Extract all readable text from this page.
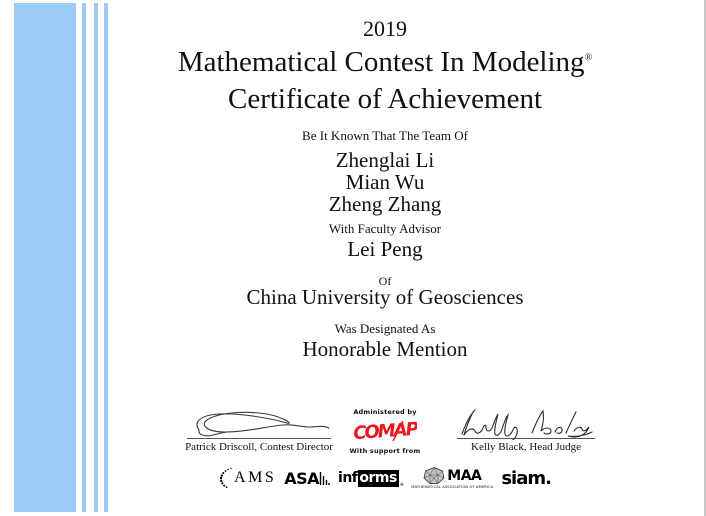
2019
Mathematical Contest In Modeling®
Certificate of Achievement
Be It Known That The Team Of
Zhenglai Li
Mian Wu
Zheng Zhang
With Faculty Advisor
Lei Peng
Of
China University of Geosciences
Was Designated As
Honorable Mention
Patrick Driscoll, Contest Director
Administered by
COMAP
With support from	Kelly Black, Head Judge
AMS ASA inf orms ®
MAA
MATHEMATICAL ASSOCIATION OF AMERICA siam.
